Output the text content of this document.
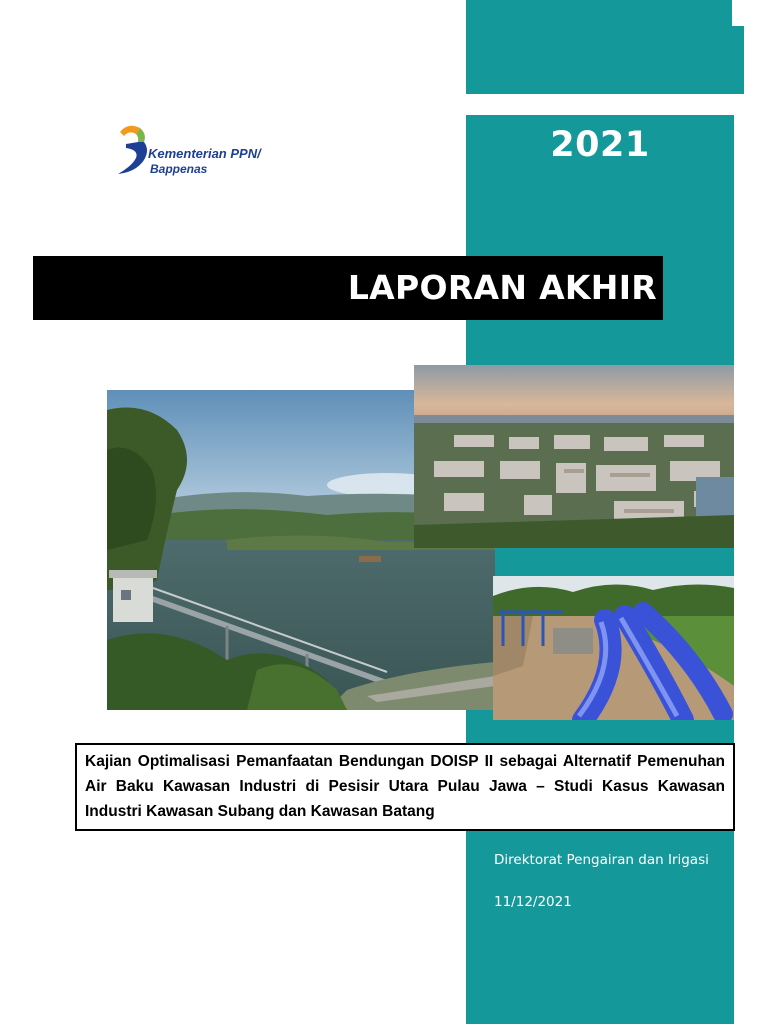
2021
Kementerian PPN/
Bappenas
LAPORAN AKHIR

Kajian Optimalisasi Pemanfaatan Bendungan DOISP II sebagai Alternatif Pemenuhan Air Baku Kawasan Industri di Pesisir Utara Pulau Jawa – Studi Kasus Kawasan Industri Kawasan Subang dan Kawasan Batang

Direktorat Pengairan dan Irigasi
11/12/2021
